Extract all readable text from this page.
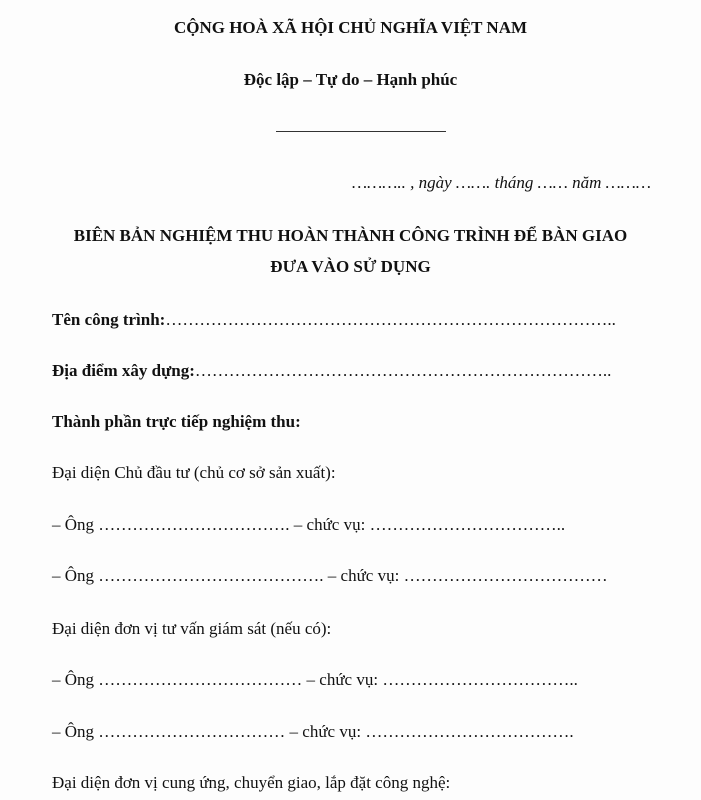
CỘNG HOÀ XÃ HỘI CHỦ NGHĨA VIỆT NAM
Độc lập – Tự do – Hạnh phúc
……….. , ngày ……. tháng …… năm ………
BIÊN BẢN NGHIỆM THU HOÀN THÀNH CÔNG TRÌNH ĐỂ BÀN GIAO
ĐƯA VÀO SỬ DỤNG
Tên công trình:……………………………………………………………………..
Địa điểm xây dựng:………………………………………………………………..
Thành phần trực tiếp nghiệm thu:
Đại diện Chủ đầu tư (chủ cơ sở sản xuất):
– Ông ……………………………. – chức vụ: ……………………………..
– Ông …………………………………. – chức vụ: ………………………………
Đại diện đơn vị tư vấn giám sát (nếu có):
– Ông ……………………………… – chức vụ: ……………………………..
– Ông …………………………… – chức vụ: ……………………………….
Đại diện đơn vị cung ứng, chuyển giao, lắp đặt công nghệ:
